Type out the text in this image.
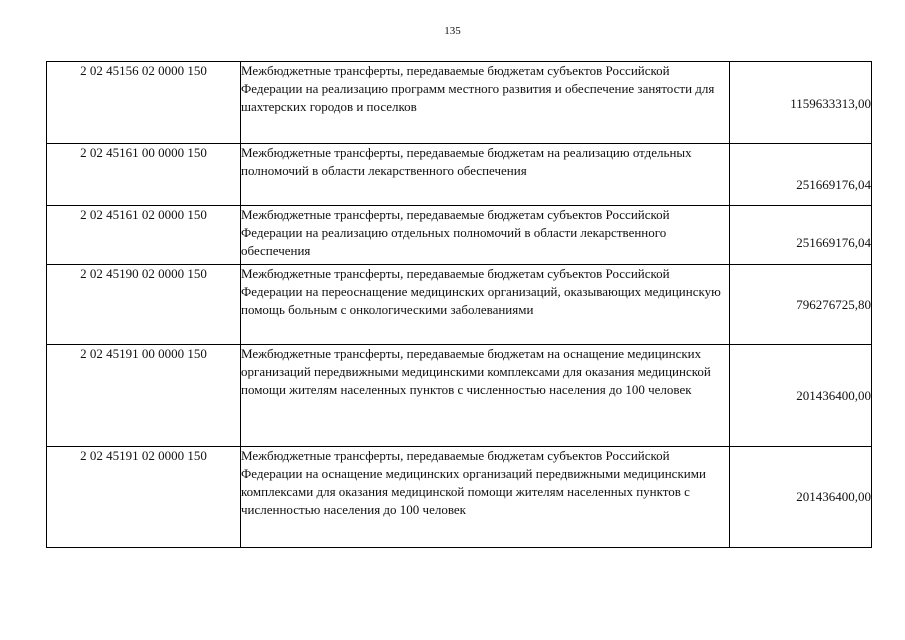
135
2 02 45156 02 0000 150	Межбюджетные трансферты, передаваемые бюджетам субъектов Российской Федерации на реализацию программ местного развития и обеспечение занятости для шахтерских городов и поселков	1159633313,00
2 02 45161 00 0000 150	Межбюджетные трансферты, передаваемые бюджетам на реализацию отдельных полномочий в области лекарственного обеспечения	251669176,04
2 02 45161 02 0000 150	Межбюджетные трансферты, передаваемые бюджетам субъектов Российской Федерации на реализацию отдельных полномочий в области лекарственного обеспечения	251669176,04
2 02 45190 02 0000 150	Межбюджетные трансферты, передаваемые бюджетам субъектов Российской Федерации на переоснащение медицинских организаций, оказывающих медицинскую помощь больным с онкологическими заболеваниями	796276725,80
2 02 45191 00 0000 150	Межбюджетные трансферты, передаваемые бюджетам на оснащение медицинских организаций передвижными медицинскими комплексами для оказания медицинской помощи жителям населенных пунктов с численностью населения до 100 человек	201436400,00
2 02 45191 02 0000 150	Межбюджетные трансферты, передаваемые бюджетам субъектов Российской Федерации на оснащение медицинских организаций передвижными медицинскими комплексами для оказания медицинской помощи жителям населенных пунктов с численностью населения до 100 человек	201436400,00
